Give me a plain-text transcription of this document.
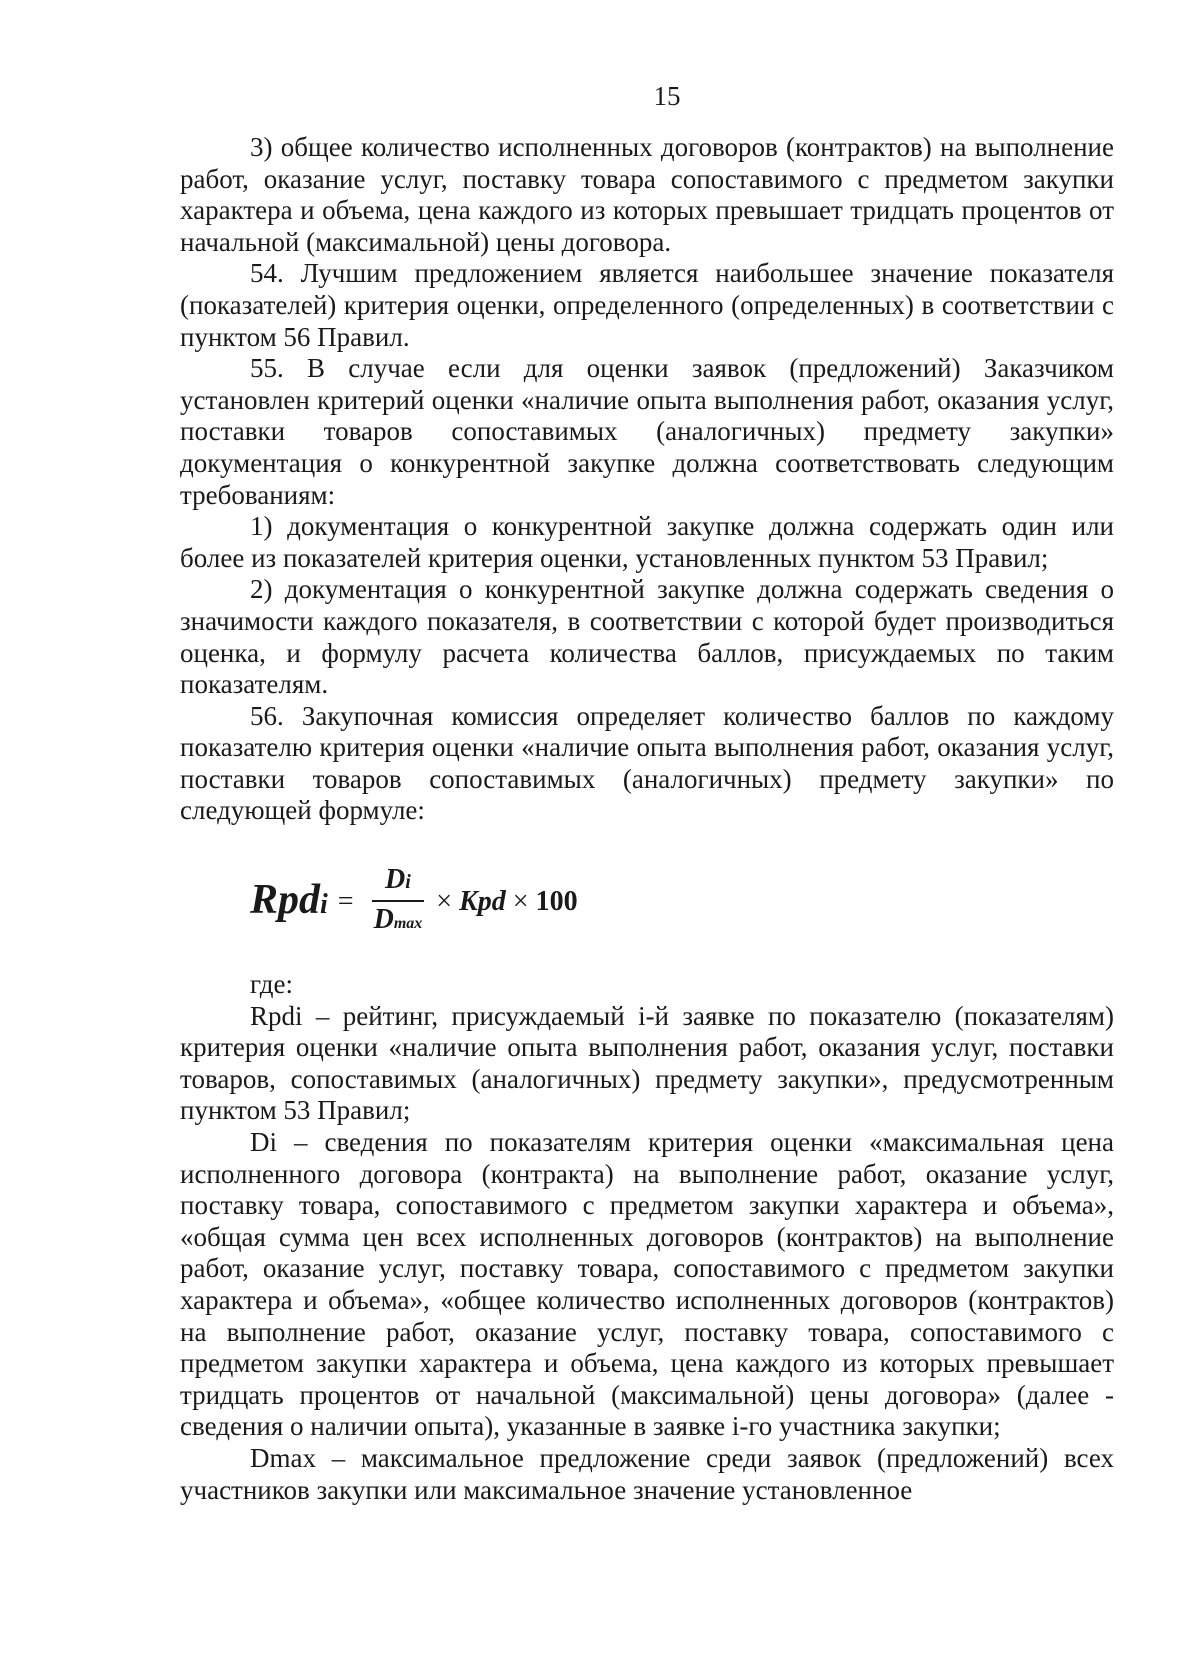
15

3) общее количество исполненных договоров (контрактов) на выполнение работ, оказание услуг, поставку товара сопоставимого с предметом закупки характера и объема, цена каждого из которых превышает тридцать процентов от начальной (максимальной) цены договора.

54. Лучшим предложением является наибольшее значение показателя (показателей) критерия оценки, определенного (определенных) в соответствии с пунктом 56 Правил.

55. В случае если для оценки заявок (предложений) Заказчиком установлен критерий оценки «наличие опыта выполнения работ, оказания услуг, поставки товаров сопоставимых (аналогичных) предмету закупки» документация о конкурентной закупке должна соответствовать следующим требованиям:

1) документация о конкурентной закупке должна содержать один или более из показателей критерия оценки, установленных пунктом 53 Правил;

2) документация о конкурентной закупке должна содержать сведения о значимости каждого показателя, в соответствии с которой будет производиться оценка, и формулу расчета количества баллов, присуждаемых по таким показателям.

56. Закупочная комиссия определяет количество баллов по каждому показателю критерия оценки «наличие опыта выполнения работ, оказания услуг, поставки товаров сопоставимых (аналогичных) предмету закупки» по следующей формуле:

Rpdi = $\frac{Di}{Dmax}$ × Kpd × 100

где:

Rpdi – рейтинг, присуждаемый i-й заявке по показателю (показателям) критерия оценки «наличие опыта выполнения работ, оказания услуг, поставки товаров, сопоставимых (аналогичных) предмету закупки», предусмотренным пунктом 53 Правил;

Di – сведения по показателям критерия оценки «максимальная цена исполненного договора (контракта) на выполнение работ, оказание услуг, поставку товара, сопоставимого с предметом закупки характера и объема», «общая сумма цен всех исполненных договоров (контрактов) на выполнение работ, оказание услуг, поставку товара, сопоставимого с предметом закупки характера и объема», «общее количество исполненных договоров (контрактов) на выполнение работ, оказание услуг, поставку товара, сопоставимого с предметом закупки характера и объема, цена каждого из которых превышает тридцать процентов от начальной (максимальной) цены договора» (далее - сведения о наличии опыта), указанные в заявке i-го участника закупки;

Dmax – максимальное предложение среди заявок (предложений) всех участников закупки или максимальное значение установленное
